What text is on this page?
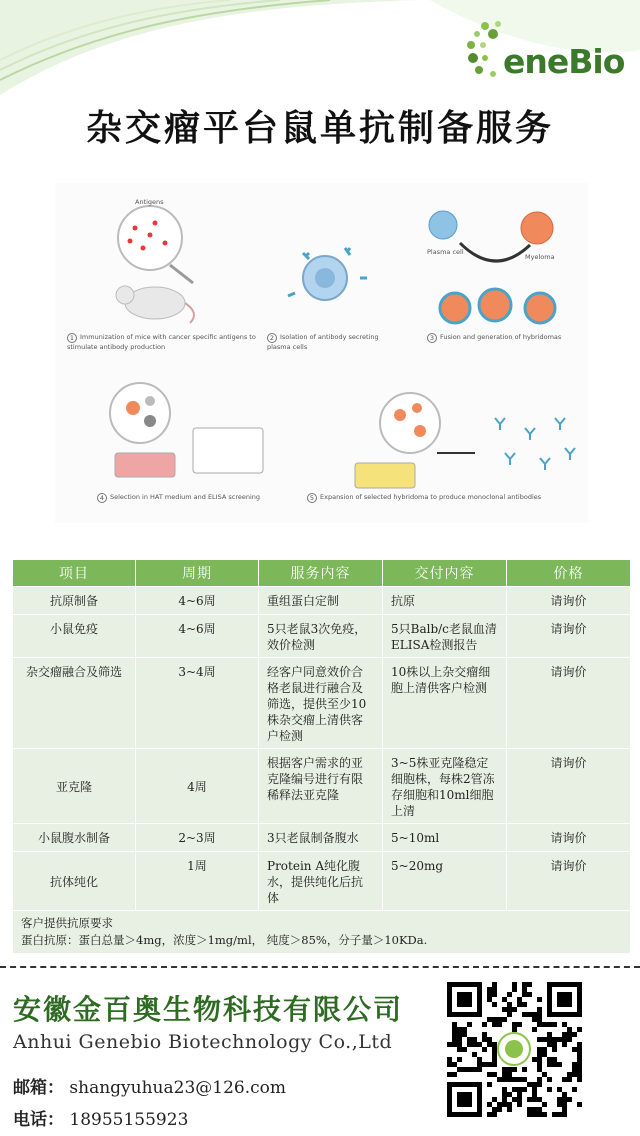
eneBio
杂交瘤平台鼠单抗制备服务
Antigens
Plasma cell
Myeloma
1 Immunization of mice with cancer specific antigens to stimulate antibody production
2 Isolation of antibody secreting plasma cells
3 Fusion and generation of hybridomas
4 Selection in HAT medium and ELISA screening	5 Expansion of selected hybridoma to produce monoclonal antibodies
项目	周期	服务内容	交付内容	价格
抗原制备	4~6周	重组蛋白定制	抗原	请询价
小鼠免疫	4~6周	5只老鼠3次免疫，效价检测	5只Balb/c老鼠血清ELISA检测报告	请询价
杂交瘤融合及筛选	3~4周	经客户同意效价合格老鼠进行融合及筛选，提供至少10株杂交瘤上清供客户检测	10株以上杂交瘤细胞上清供客户检测	请询价
亚克隆	4周	根据客户需求的亚克隆编号进行有限稀释法亚克隆	3~5株亚克隆稳定细胞株，每株2管冻存细胞和10ml细胞上清	请询价
小鼠腹水制备	2~3周	3只老鼠制备腹水	5~10ml	请询价
抗体纯化	1周	Protein A纯化腹水，提供纯化后抗体	5~20mg	请询价

客户提供抗原要求
蛋白抗原：蛋白总量＞4mg，浓度＞1mg/ml， 纯度＞85%，分子量＞10KDa.				
安徽金百奥生物科技有限公司
Anhui Genebio Biotechnology Co.,Ltd
邮箱： shangyuhua23@126.com
电话： 18955155923
